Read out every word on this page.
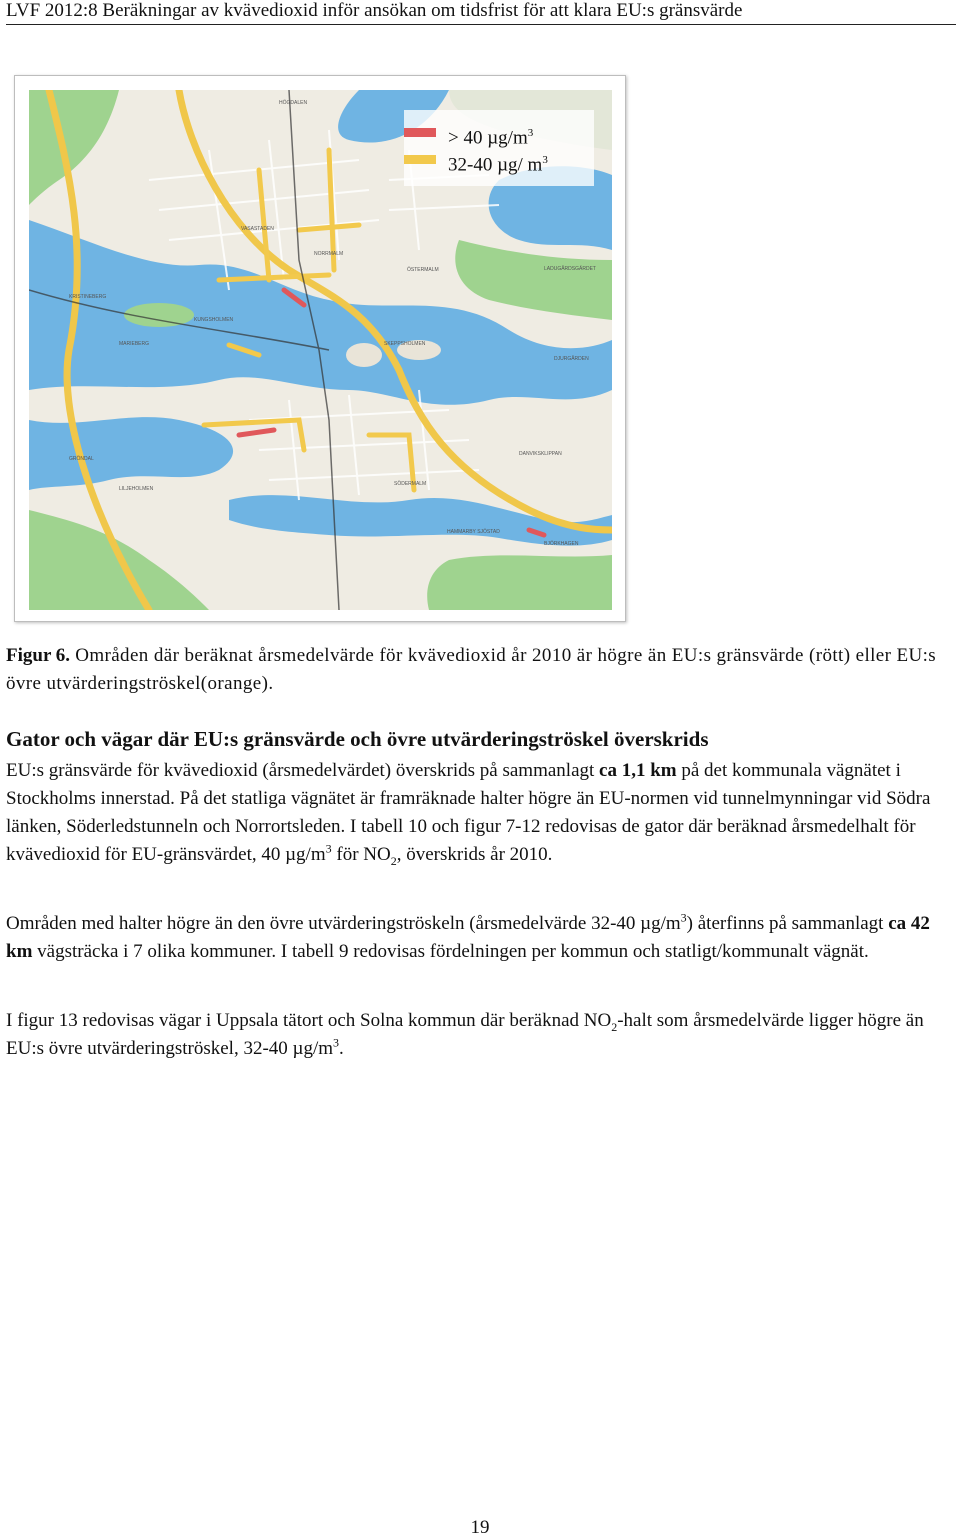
LVF 2012:8 Beräkningar av kvävedioxid inför ansökan om tidsfrist för att klara EU:s gränsvärde
HÖGDALEN
VASASTADEN
ÖSTERMALM	LADUGÅRDSGÄRDET
KRISTINEBERG
KUNGSHOLMEN
MARIEBERG
DJURGÅRDEN
SKEPPSHOLMEN
GRÖNDAL
LILJEHOLMEN
SÖDERMALM
DANVIKSKLIPPAN
HAMMARBY SJÖSTAD
BJÖRKHAGEN
NORRMALM
> 40 $\mu g/m^3$
32-40 µg/ $m^3$
Figur 6. Områden där beräknat årsmedelvärde för kvävedioxid år 2010 är högre än EU:s gränsvärde (rött) eller EU:s övre utvärderingströskel(orange).
Gator och vägar där EU:s gränsvärde och övre utvärderingströskel överskrids
EU:s gränsvärde för kvävedioxid (årsmedelvärdet) överskrids på sammanlagt ca 1,1 km på det kommunala vägnätet i Stockholms innerstad. På det statliga vägnätet är framräknade halter högre än EU-normen vid tunnelmynningar vid Södra länken, Söderledstunneln och Norrortsleden. I tabell 10 och figur 7-12 redovisas de gator där beräknad årsmedelhalt för kvävedioxid för EU-gränsvärdet, 40 $\mu g/m^3$ för $NO_2$, överskrids år 2010.
Områden med halter högre än den övre utvärderingströskeln (årsmedelvärde 32-40 $\mu g/m^3$) återfinns på sammanlagt ca 42 km vägsträcka i 7 olika kommuner. I tabell 9 redovisas fördelningen per kommun och statligt/kommunalt vägnät.
I figur 13 redovisas vägar i Uppsala tätort och Solna kommun där beräknad $NO_2$-halt som årsmedelvärde ligger högre än EU:s övre utvärderingströskel, 32-40 $\mu g/m^3$.
19
